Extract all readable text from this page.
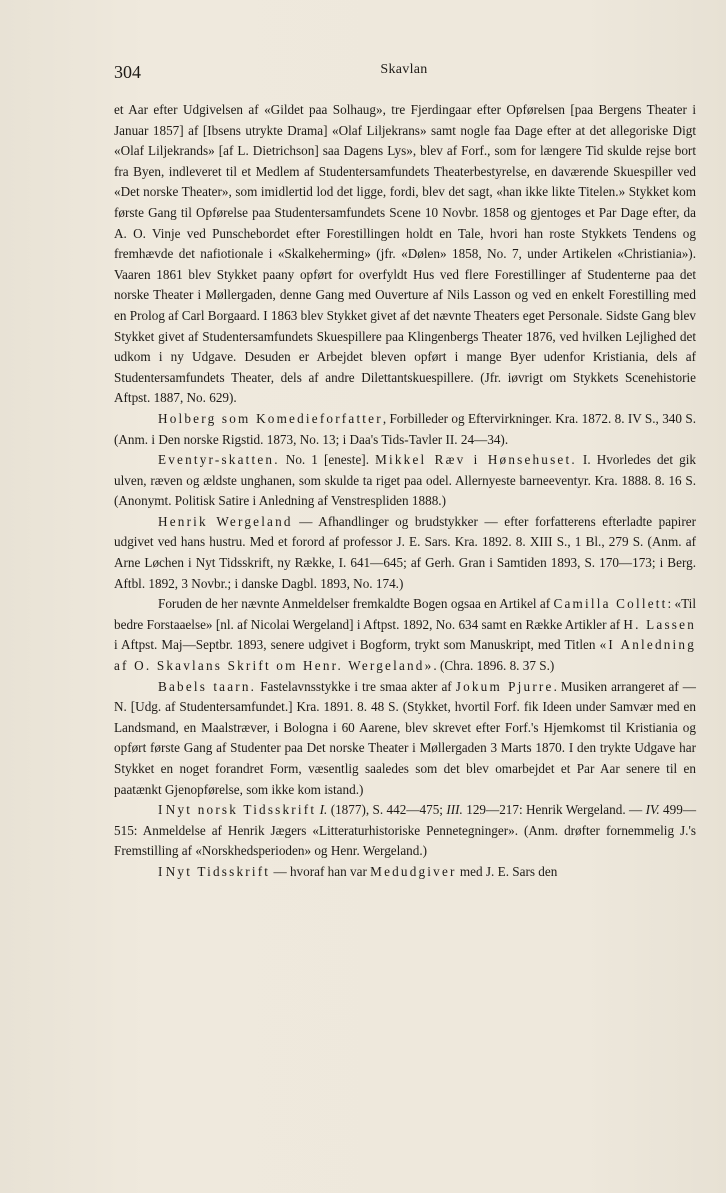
304	Skavlan

et Aar efter Udgivelsen af «Gildet paa Solhaug», tre Fjerdingaar efter Opførelsen [paa Bergens Theater i Januar 1857] af [Ibsens utrykte Drama] «Olaf Liljekrans» samt nogle faa Dage efter at det allegoriske Digt «Olaf Liljekrands» [af L. Dietrichson] saa Dagens Lys», blev af Forf., som for længere Tid skulde rejse bort fra Byen, indleveret til et Medlem af Studentersamfundets Theaterbestyrelse, en daværende Skuespiller ved «Det norske Theater», som imidlertid lod det ligge, fordi, blev det sagt, «han ikke likte Titelen.» Stykket kom første Gang til Opførelse paa Studentersamfundets Scene 10 Novbr. 1858 og gjentoges et Par Dage efter, da A. O. Vinje ved Punschebordet efter Forestillingen holdt en Tale, hvori han roste Stykkets Tendens og fremhævde det nafiotionale i «Skalkeherming» (jfr. «Dølen» 1858, No. 7, under Artikelen «Christiania»). Vaaren 1861 blev Stykket paany opført for overfyldt Hus ved flere Forestillinger af Studenterne paa det norske Theater i Møllergaden, denne Gang med Ouverture af Nils Lasson og ved en enkelt Forestilling med en Prolog af Carl Borgaard. I 1863 blev Stykket givet af det nævnte Theaters eget Personale. Sidste Gang blev Stykket givet af Studentersamfundets Skuespillere paa Klingenbergs Theater 1876, ved hvilken Lejlighed det udkom i ny Udgave. Desuden er Arbejdet bleven opført i mange Byer udenfor Kristiania, dels af Studentersamfundets Theater, dels af andre Dilettantskuespillere. (Jfr. iøvrigt om Stykkets Scenehistorie Aftpst. 1887, No. 629).

Holberg som Komedieforfatter, Forbilleder og Eftervirkninger. Kra. 1872. 8. IV S., 340 S. (Anm. i Den norske Rigstid. 1873, No. 13; i Daa's Tids-Tavler II. 24—34).

Eventyr-skatten. No. 1 [eneste]. Mikkel Ræv i Hønsehuset. I. Hvorledes det gik ulven, ræven og ældste unghanen, som skulde ta riget paa odel. Allernyeste barneeventyr. Kra. 1888. 8. 16 S. (Anonymt. Politisk Satire i Anledning af Venstrespliden 1888.)

Henrik Wergeland — Afhandlinger og brudstykker — efter forfatterens efterladte papirer udgivet ved hans hustru. Med et forord af professor J. E. Sars. Kra. 1892. 8. XIII S., 1 Bl., 279 S. (Anm. af Arne Løchen i Nyt Tidsskrift, ny Række, I. 641—645; af Gerh. Gran i Samtiden 1893, S. 170—173; i Berg. Aftbl. 1892, 3 Novbr.; i danske Dagbl. 1893, No. 174.)

Foruden de her nævnte Anmeldelser fremkaldte Bogen ogsaa en Artikel af Camilla Collett: «Til bedre Forstaaelse» [nl. af Nicolai Wergeland] i Aftpst. 1892, No. 634 samt en Række Artikler af H. Lassen i Aftpst. Maj—Septbr. 1893, senere udgivet i Bogform, trykt som Manuskript, med Titlen «I Anledning af O. Skavlans Skrift om Henr. Wergeland». (Chra. 1896. 8. 37 S.)

Babels taarn. Fastelavnsstykke i tre smaa akter af Jokum Pjurre. Musiken arrangeret af —N. [Udg. af Studentersamfundet.] Kra. 1891. 8. 48 S. (Stykket, hvortil Forf. fik Ideen under Samvær med en Landsmand, en Maalstræver, i Bologna i 60 Aarene, blev skrevet efter Forf.'s Hjemkomst til Kristiania og opført første Gang af Studenter paa Det norske Theater i Møllergaden 3 Marts 1870. I den trykte Udgave har Stykket en noget forandret Form, væsentlig saaledes som det blev omarbejdet et Par Aar senere til en paatænkt Gjenopførelse, som ikke kom istand.)

I Nyt norsk Tidsskrift I. (1877), S. 442—475; III. 129—217: Henrik Wergeland. — IV. 499—515: Anmeldelse af Henrik Jægers «Litteraturhistoriske Pennetegninger». (Anm. drøfter fornemmelig J.'s Fremstilling af «Norskhedsperioden» og Henr. Wergeland.)

I Nyt Tidsskrift — hvoraf han var Medudgiver med J. E. Sars den
